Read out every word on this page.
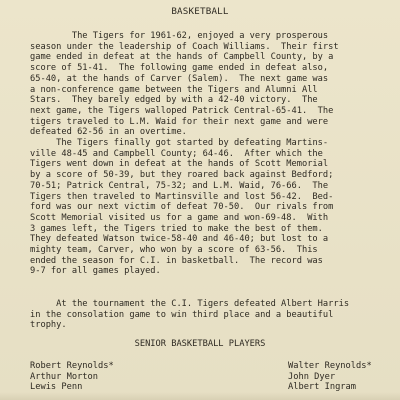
BASKETBALL
The Tigers for 1961-62, enjoyed a very prosperous
season under the leadership of Coach Williams.  Their first
game ended in defeat at the hands of Campbell County, by a
score of 51-41.  The following game ended in defeat also,
65-40, at the hands of Carver (Salem).  The next game was
a non-conference game between the Tigers and Alumni All
Stars.  They barely edged by with a 42-40 victory.  The
next game, the Tigers walloped Patrick Central-65-41.  The
tigers traveled to L.M. Waid for their next game and were
defeated 62-56 in an overtime.
The Tigers finally got started by defeating Martins-
ville 48-45 and Campbell County; 64-46.  After which the
Tigers went down in defeat at the hands of Scott Memorial
by a score of 50-39, but they roared back against Bedford;
70-51; Patrick Central, 75-32; and L.M. Waid, 76-66.  The
Tigers then traveled to Martinsville and lost 56-42.  Bed-
ford was our next victim of defeat 70-50.  Our rivals from
Scott Memorial visited us for a game and won-69-48.  With
3 games left, the Tigers tried to make the best of them.
They defeated Watson twice-58-40 and 46-40; but lost to a
mighty team, Carver, who won by a score of 63-56.  This
ended the season for C.I. in basketball.  The record was
9-7 for all games played.
At the tournament the C.I. Tigers defeated Albert Harris
in the consolation game to win third place and a beautiful
trophy.
SENIOR BASKETBALL PLAYERS
Robert Reynolds*
Arthur Morton
Lewis Penn
Walter Reynolds*
John Dyer
Albert Ingram
